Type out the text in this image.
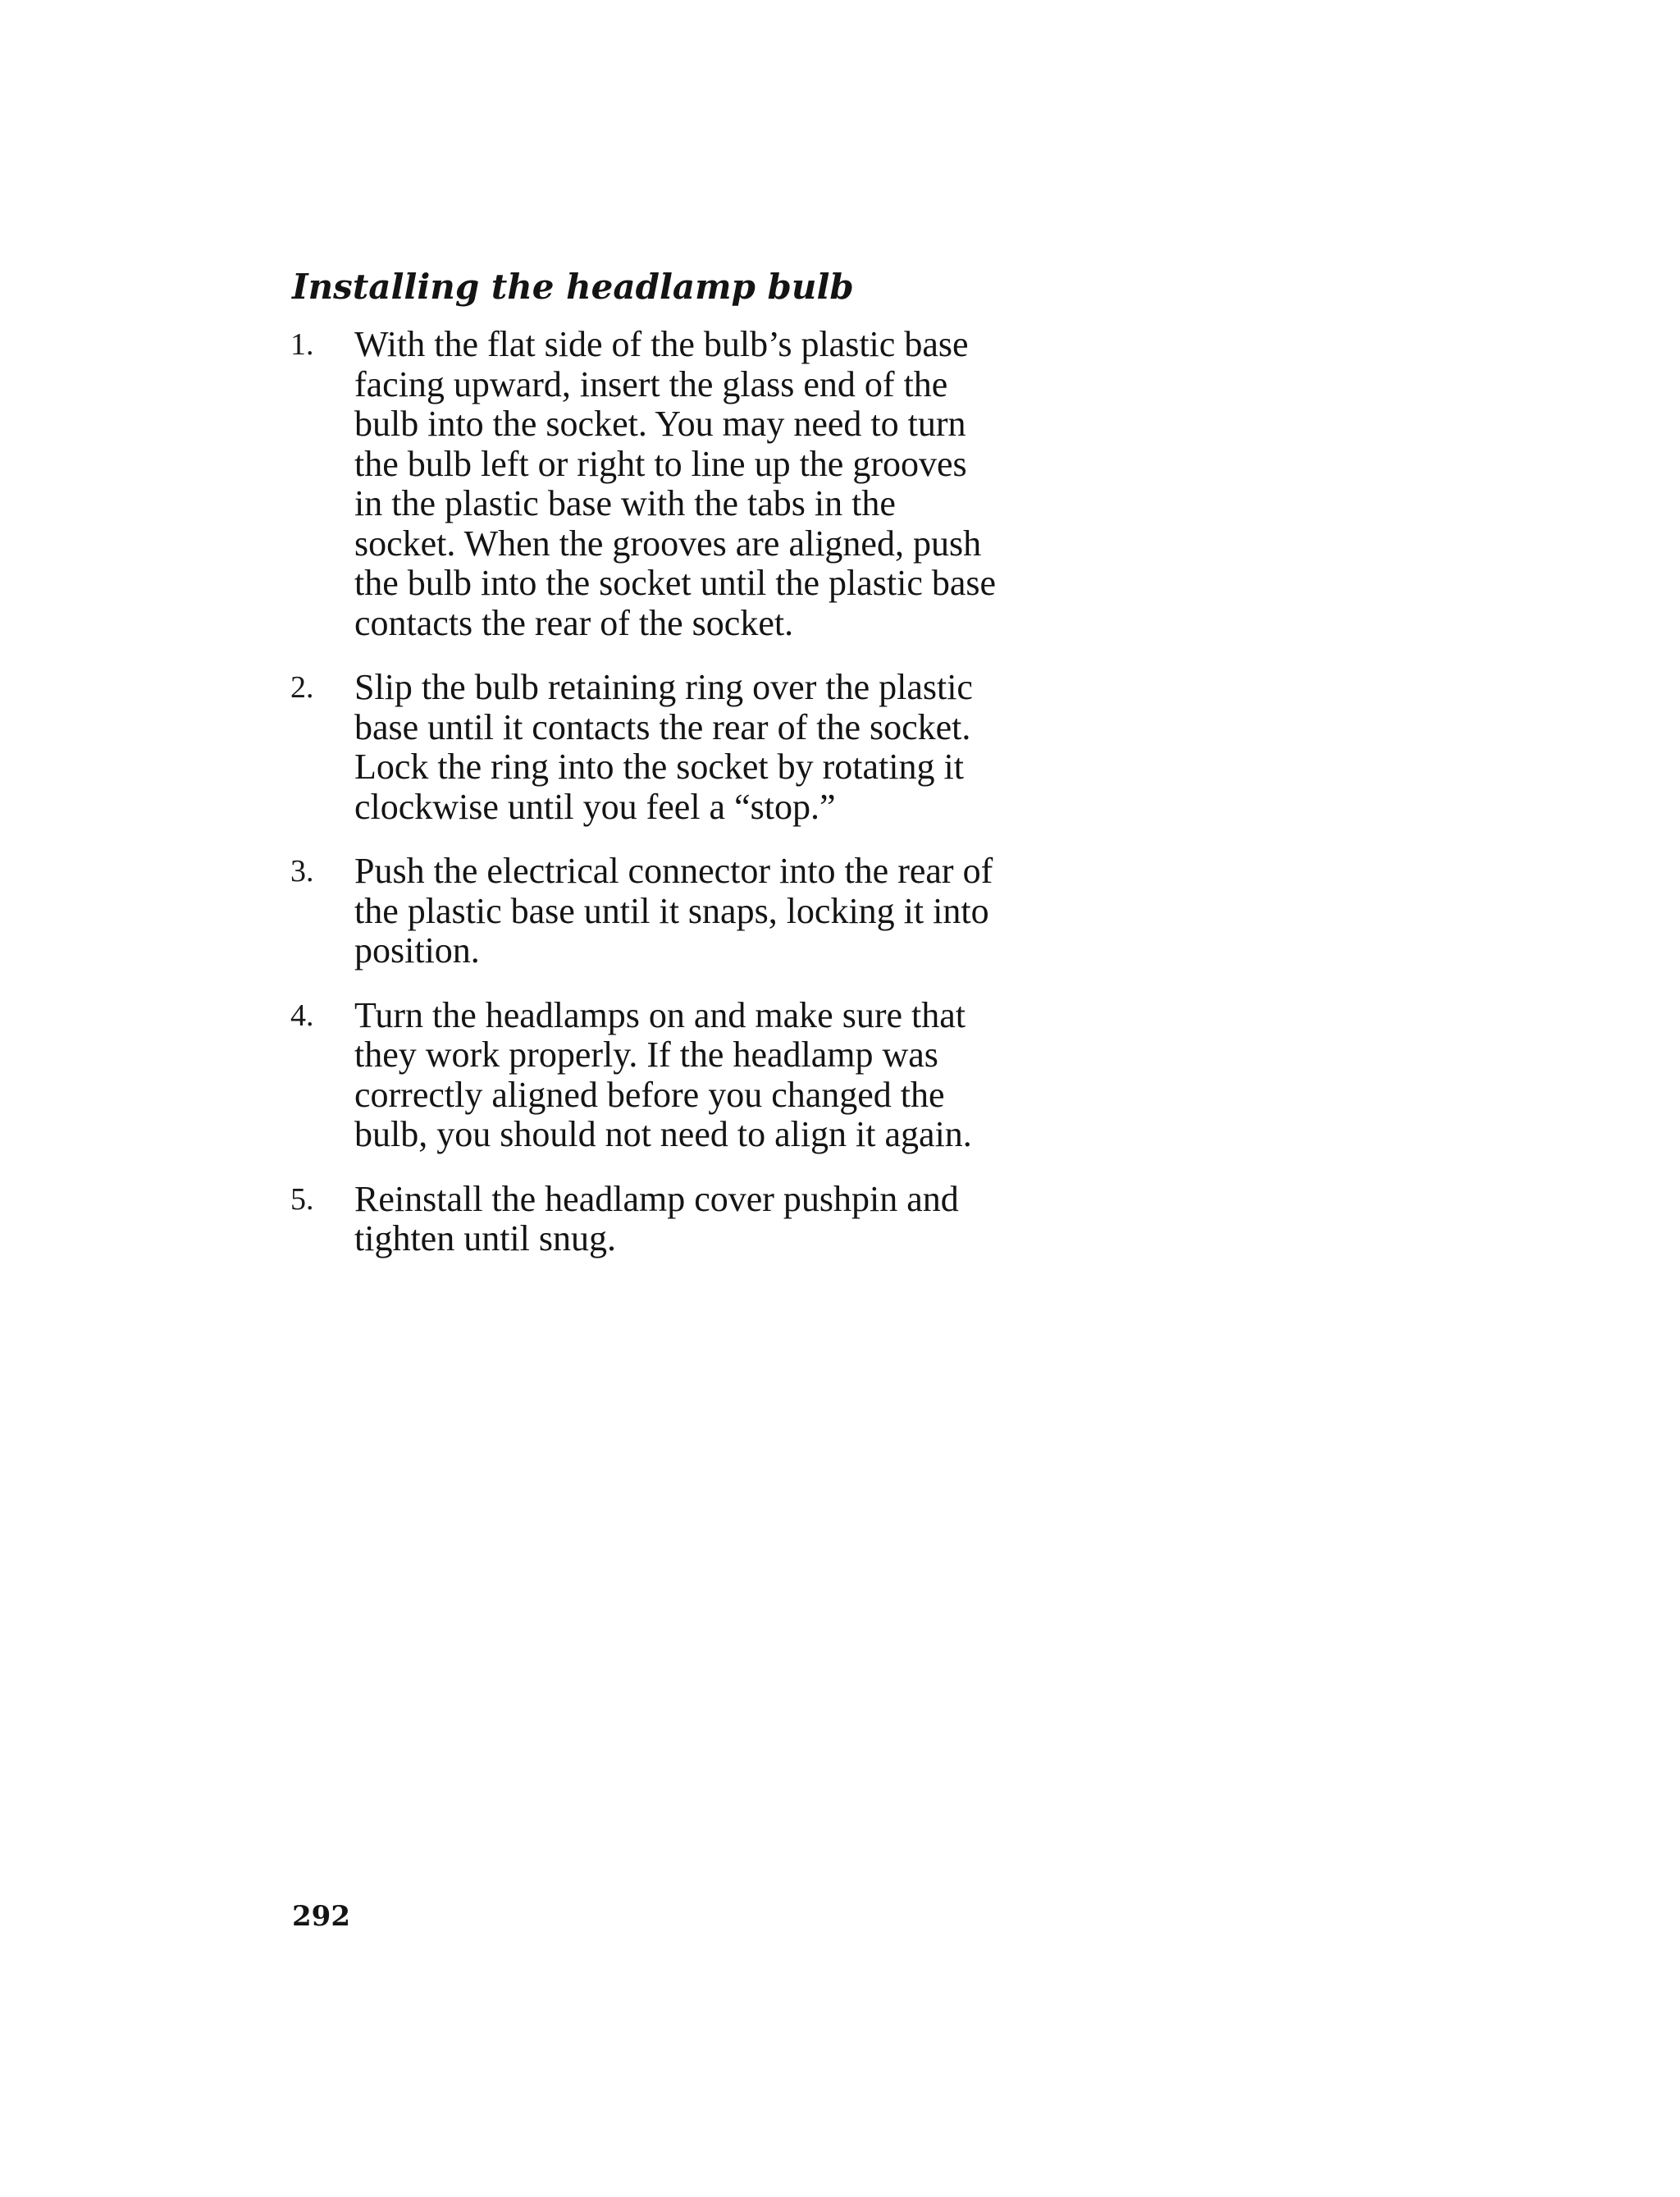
Installing the headlamp bulb
1.	With the flat side of the bulb’s plastic base
facing upward, insert the glass end of the
bulb into the socket. You may need to turn
the bulb left or right to line up the grooves
in the plastic base with the tabs in the
socket. When the grooves are aligned, push
the bulb into the socket until the plastic base
contacts the rear of the socket.
2.	Slip the bulb retaining ring over the plastic
base until it contacts the rear of the socket.
Lock the ring into the socket by rotating it
clockwise until you feel a “stop.”
3.	Push the electrical connector into the rear of
the plastic base until it snaps, locking it into
position.
4.	Turn the headlamps on and make sure that
they work properly. If the headlamp was
correctly aligned before you changed the
bulb, you should not need to align it again.
5.	Reinstall the headlamp cover pushpin and
tighten until snug.
292
